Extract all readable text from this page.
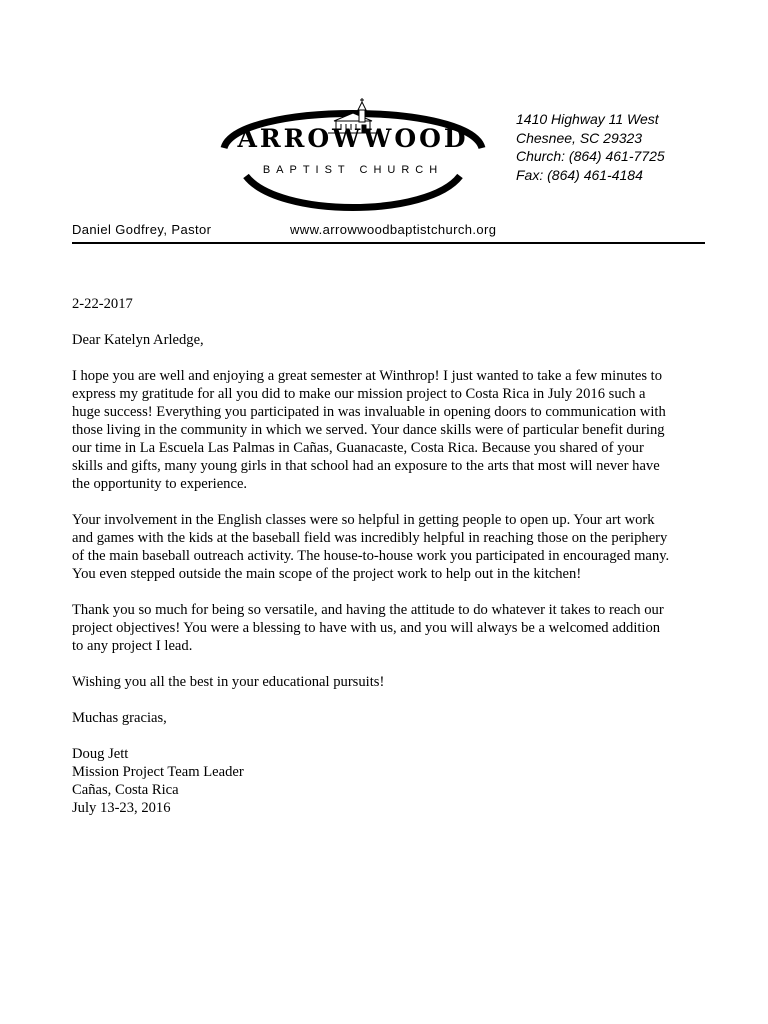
ARROWWOOD
BAPTIST CHURCH
1410 Highway 11 West
Chesnee, SC 29323
Church: (864) 461-7725
Fax: (864) 461-4184
Daniel Godfrey, Pastor	www.arrowwoodbaptistchurch.org
2-22-2017
Dear Katelyn Arledge,
I hope you are well and enjoying a great semester at Winthrop! I just wanted to take a few minutes to
express my gratitude for all you did to make our mission project to Costa Rica in July 2016 such a
huge success! Everything you participated in was invaluable in opening doors to communication with
those living in the community in which we served. Your dance skills were of particular benefit during
our time in La Escuela Las Palmas in Cañas, Guanacaste, Costa Rica. Because you shared of your
skills and gifts, many young girls in that school had an exposure to the arts that most will never have
the opportunity to experience.
Your involvement in the English classes were so helpful in getting people to open up. Your art work
and games with the kids at the baseball field was incredibly helpful in reaching those on the periphery
of the main baseball outreach activity. The house-to-house work you participated in encouraged many.
You even stepped outside the main scope of the project work to help out in the kitchen!
Thank you so much for being so versatile, and having the attitude to do whatever it takes to reach our
project objectives! You were a blessing to have with us, and you will always be a welcomed addition
to any project I lead.
Wishing you all the best in your educational pursuits!
Muchas gracias,
Doug Jett
Mission Project Team Leader
Cañas, Costa Rica
July 13-23, 2016
